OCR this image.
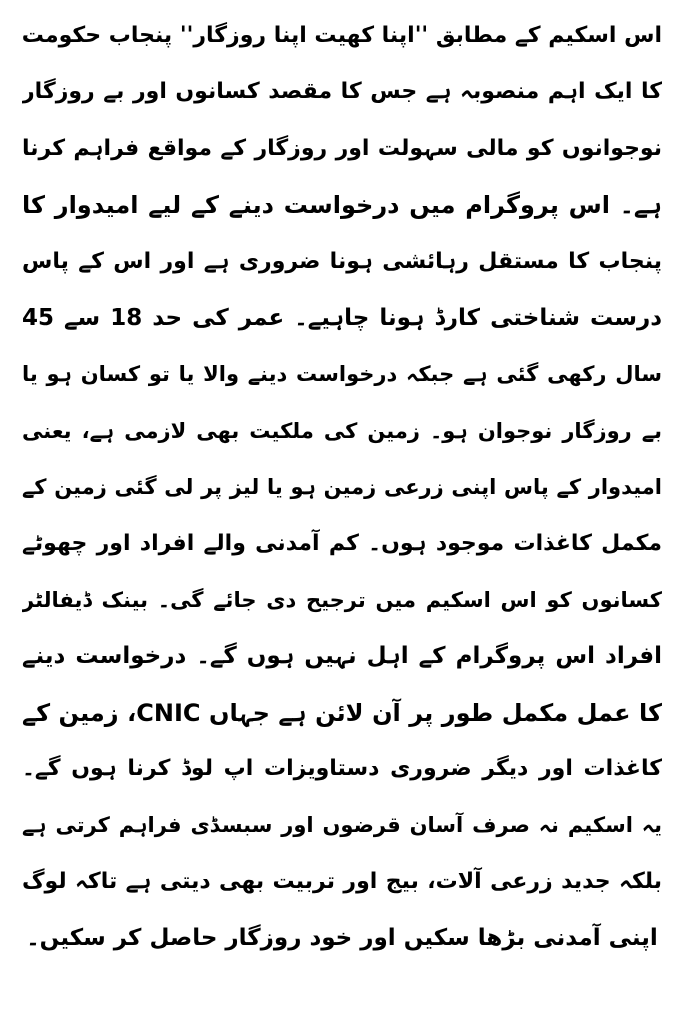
اس اسکیم کے مطابق ''اپنا کھیت اپنا روزگار'' پنجاب حکومت
کا ایک اہم منصوبہ ہے جس کا مقصد کسانوں اور بے روزگار
نوجوانوں کو مالی سہولت اور روزگار کے مواقع فراہم کرنا
ہے۔ اس پروگرام میں درخواست دینے کے لیے امیدوار کا
پنجاب کا مستقل رہائشی ہونا ضروری ہے اور اس کے پاس
درست شناختی کارڈ ہونا چاہیے۔ عمر کی حد 18 سے 45
سال رکھی گئی ہے جبکہ درخواست دینے والا یا تو کسان ہو یا
بے روزگار نوجوان ہو۔ زمین کی ملکیت بھی لازمی ہے، یعنی
امیدوار کے پاس اپنی زرعی زمین ہو یا لیز پر لی گئی زمین کے
مکمل کاغذات موجود ہوں۔ کم آمدنی والے افراد اور چھوٹے
کسانوں کو اس اسکیم میں ترجیح دی جائے گی۔ بینک ڈیفالٹر
افراد اس پروگرام کے اہل نہیں ہوں گے۔ درخواست دینے
کا عمل مکمل طور پر آن لائن ہے جہاں CNIC، زمین کے
کاغذات اور دیگر ضروری دستاویزات اپ لوڈ کرنا ہوں گے۔
یہ اسکیم نہ صرف آسان قرضوں اور سبسڈی فراہم کرتی ہے
بلکہ جدید زرعی آلات، بیج اور تربیت بھی دیتی ہے تاکہ لوگ
اپنی آمدنی بڑھا سکیں اور خود روزگار حاصل کر سکیں۔
